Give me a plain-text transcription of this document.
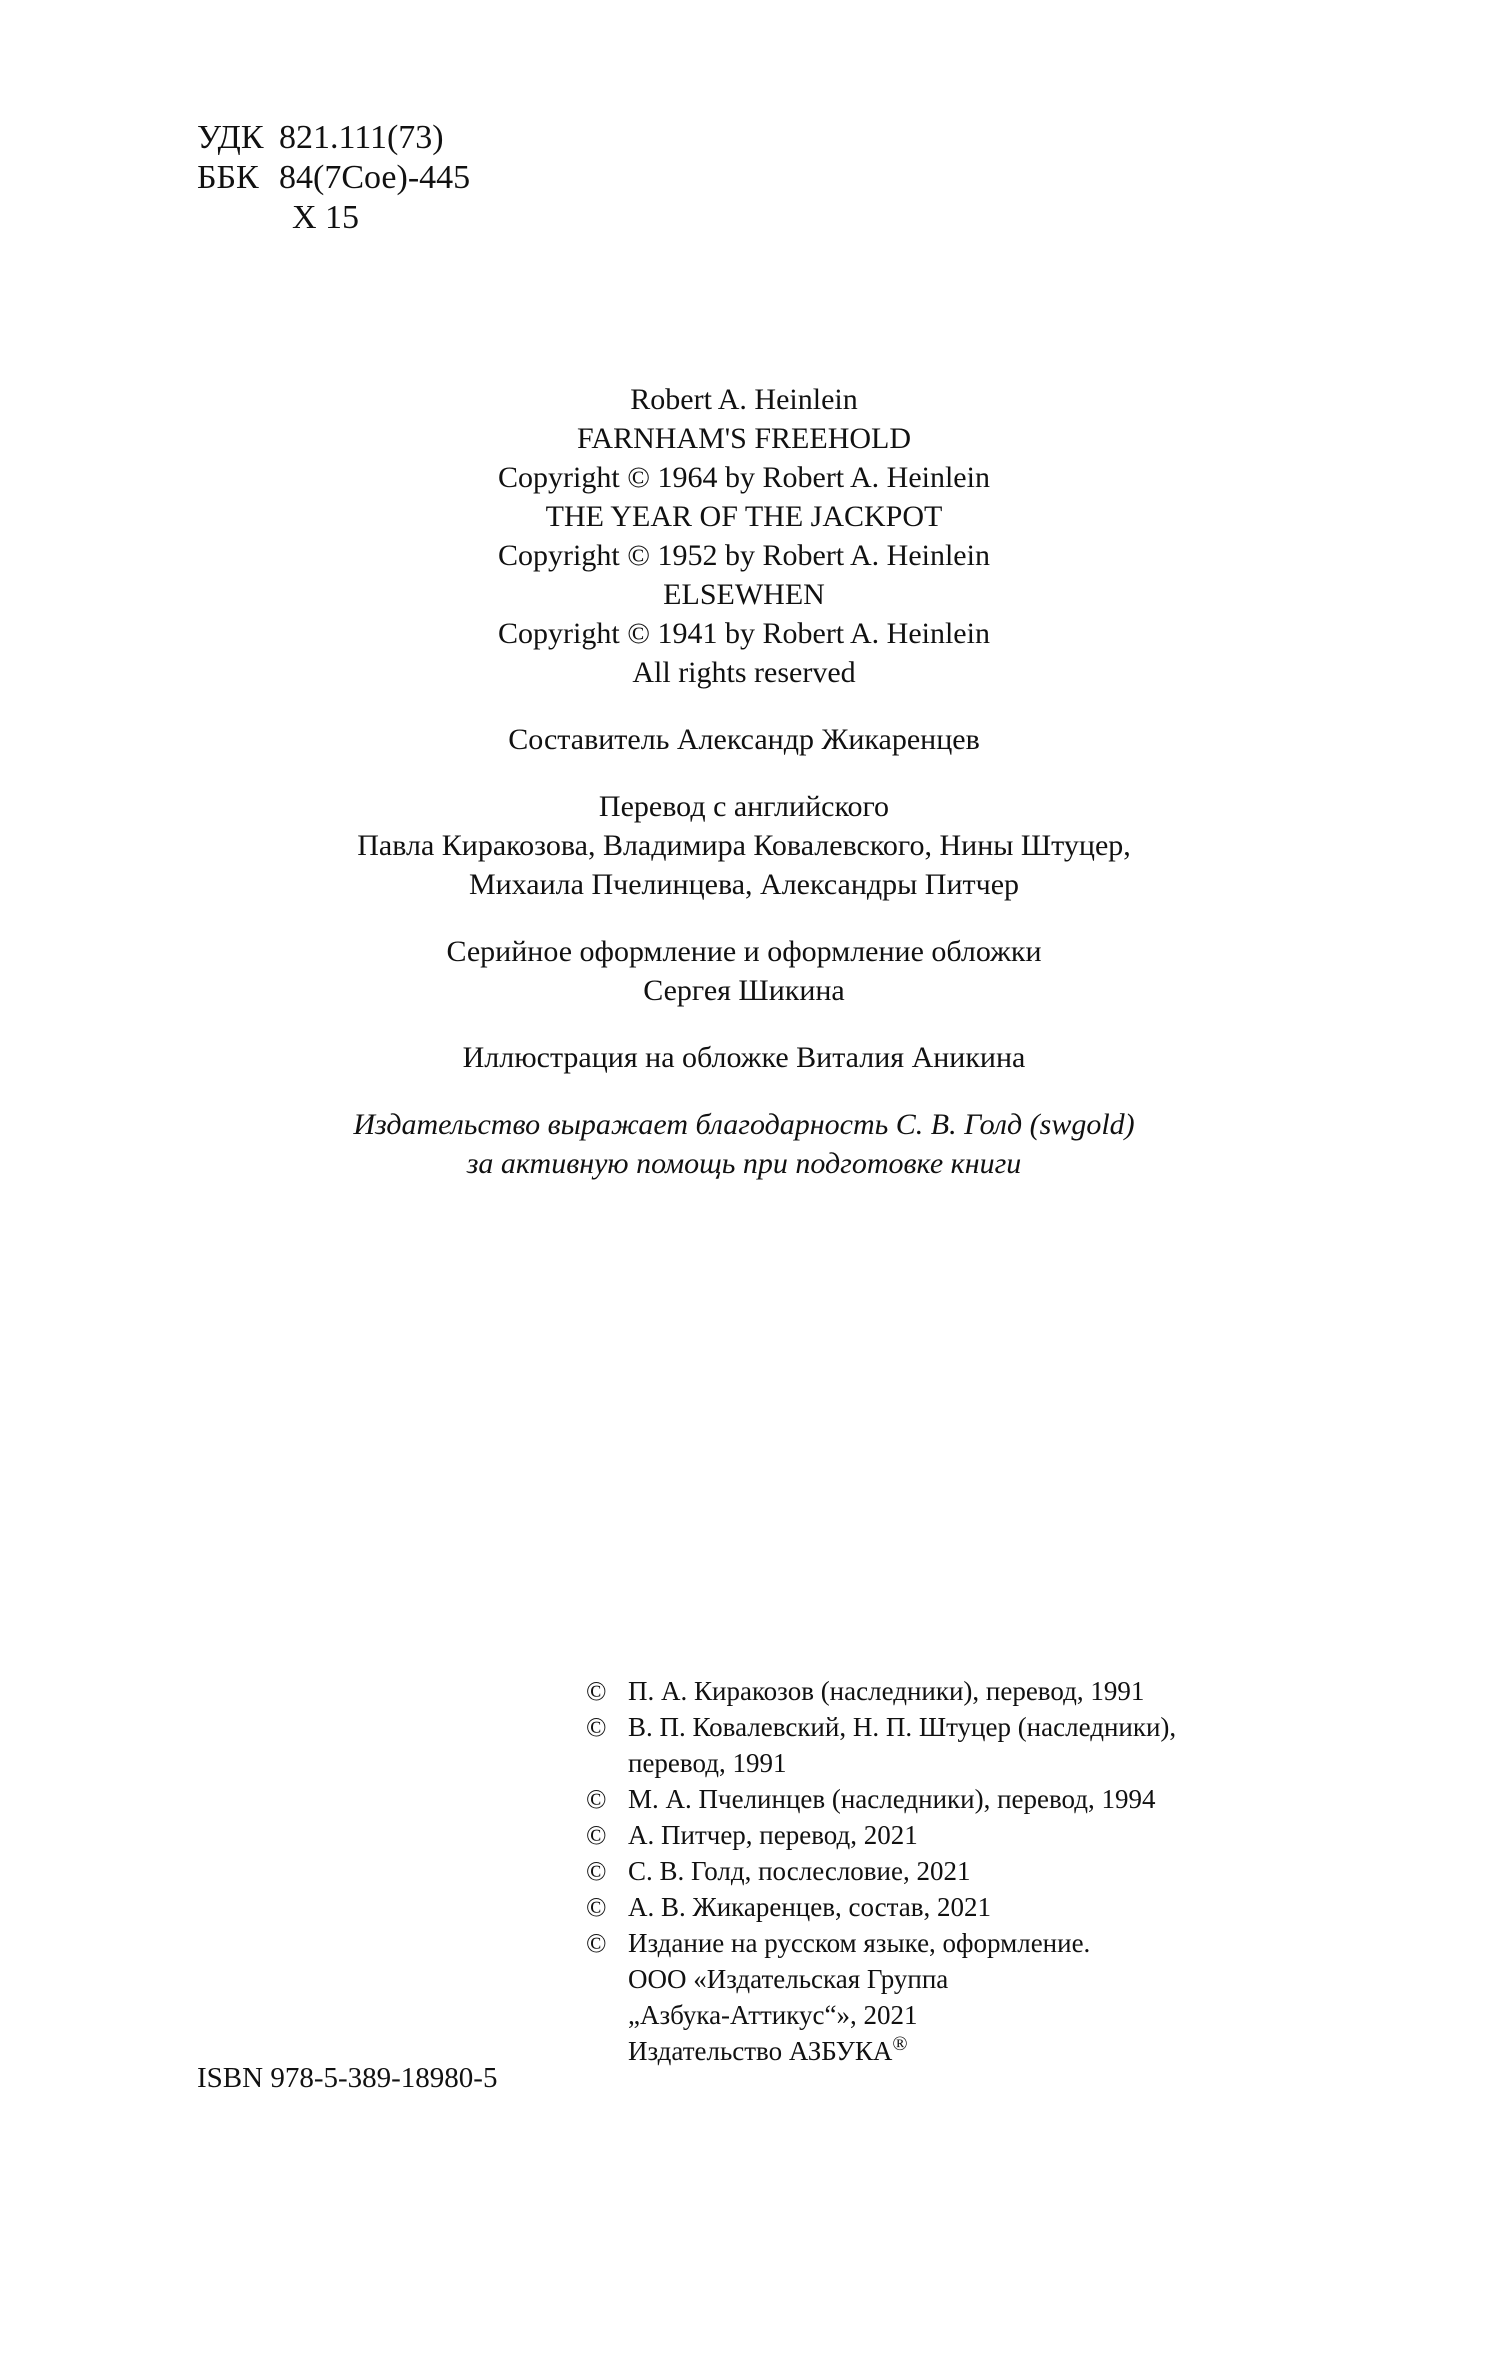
УДК 821.111(73)
ББК 84(7Сое)-445
Х 15
Robert A. Heinlein
FARNHAM'S FREEHOLD
Copyright © 1964 by Robert A. Heinlein
THE YEAR OF THE JACKPOT
Copyright © 1952 by Robert A. Heinlein
ELSEWHEN
Copyright © 1941 by Robert A. Heinlein
All rights reserved
Составитель Александр Жикаренцев
Перевод с английского
Павла Киракозова, Владимира Ковалевского, Нины Штуцер,
Михаила Пчелинцева, Александры Питчер
Серийное оформление и оформление обложки
Сергея Шикина
Иллюстрация на обложке Виталия Аникина
Издательство выражает благодарность С. В. Голд (swgold)
за активную помощь при подготовке книги
© П. А. Киракозов (наследники), перевод, 1991
© В. П. Ковалевский, Н. П. Штуцер (наследники),
перевод, 1991
© М. А. Пчелинцев (наследники), перевод, 1994
© А. Питчер, перевод, 2021
© С. В. Голд, послесловие, 2021
© А. В. Жикаренцев, состав, 2021
© Издание на русском языке, оформление.
ООО «Издательская Группа
„Азбука-Аттикус“», 2021
Издательство АЗБУКА®
ISBN 978-5-389-18980-5
